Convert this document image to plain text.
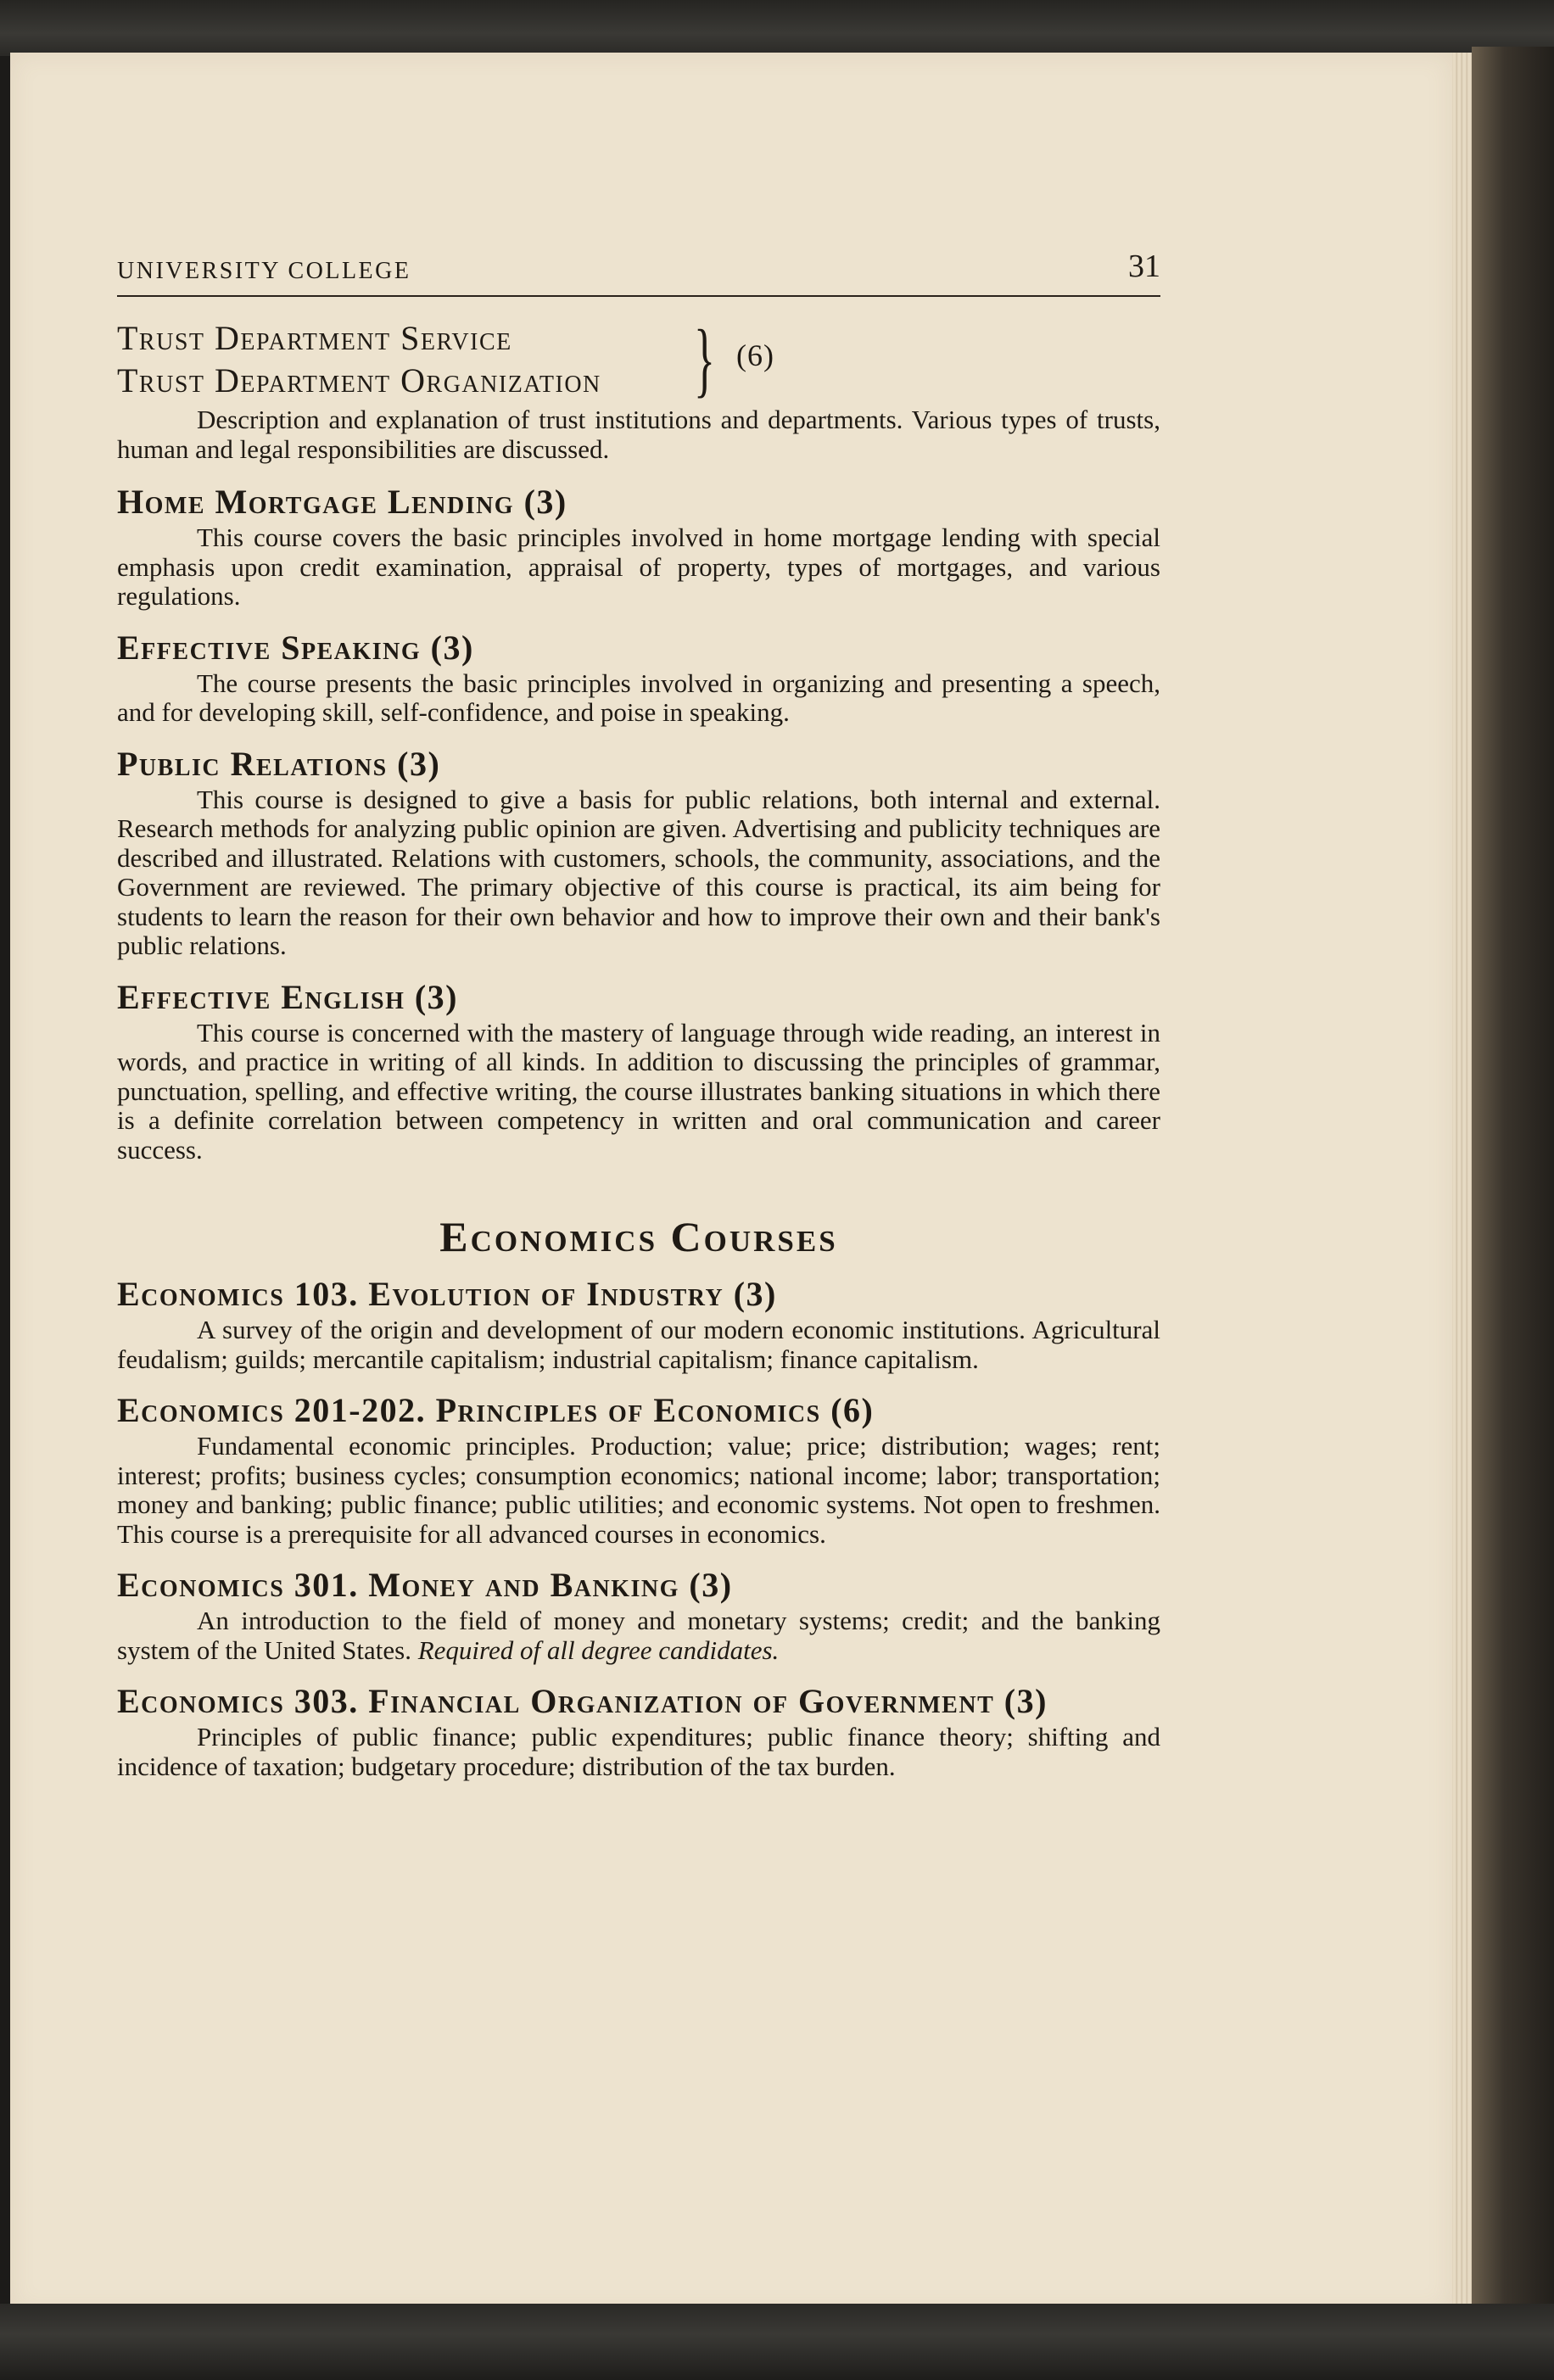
UNIVERSITY COLLEGE	31
Trust Department Service
Trust Department Organization } (6)

Description and explanation of trust institutions and departments. Various types of trusts, human and legal responsibilities are discussed.

Home Mortgage Lending (3)

This course covers the basic principles involved in home mortgage lending with special emphasis upon credit examination, appraisal of property, types of mortgages, and various regulations.

Effective Speaking (3)

The course presents the basic principles involved in organizing and presenting a speech, and for developing skill, self-confidence, and poise in speaking.

Public Relations (3)

This course is designed to give a basis for public relations, both internal and external. Research methods for analyzing public opinion are given. Advertising and publicity techniques are described and illustrated. Relations with customers, schools, the community, associations, and the Government are reviewed. The primary objective of this course is practical, its aim being for students to learn the reason for their own behavior and how to improve their own and their bank's public relations.

Effective English (3)

This course is concerned with the mastery of language through wide reading, an interest in words, and practice in writing of all kinds. In addition to discussing the principles of grammar, punctuation, spelling, and effective writing, the course illustrates banking situations in which there is a definite correlation between competency in written and oral communication and career success.

Economics Courses
Economics 103. Evolution of Industry (3)

A survey of the origin and development of our modern economic institutions. Agricultural feudalism; guilds; mercantile capitalism; industrial capitalism; finance capitalism.

Economics 201-202. Principles of Economics (6)

Fundamental economic principles. Production; value; price; distribution; wages; rent; interest; profits; business cycles; consumption economics; national income; labor; transportation; money and banking; public finance; public utilities; and economic systems. Not open to freshmen. This course is a prerequisite for all advanced courses in economics.

Economics 301. Money and Banking (3)

An introduction to the field of money and monetary systems; credit; and the banking system of the United States. Required of all degree candidates.

Economics 303. Financial Organization of Government (3)

Principles of public finance; public expenditures; public finance theory; shifting and incidence of taxation; budgetary procedure; distribution of the tax burden.
